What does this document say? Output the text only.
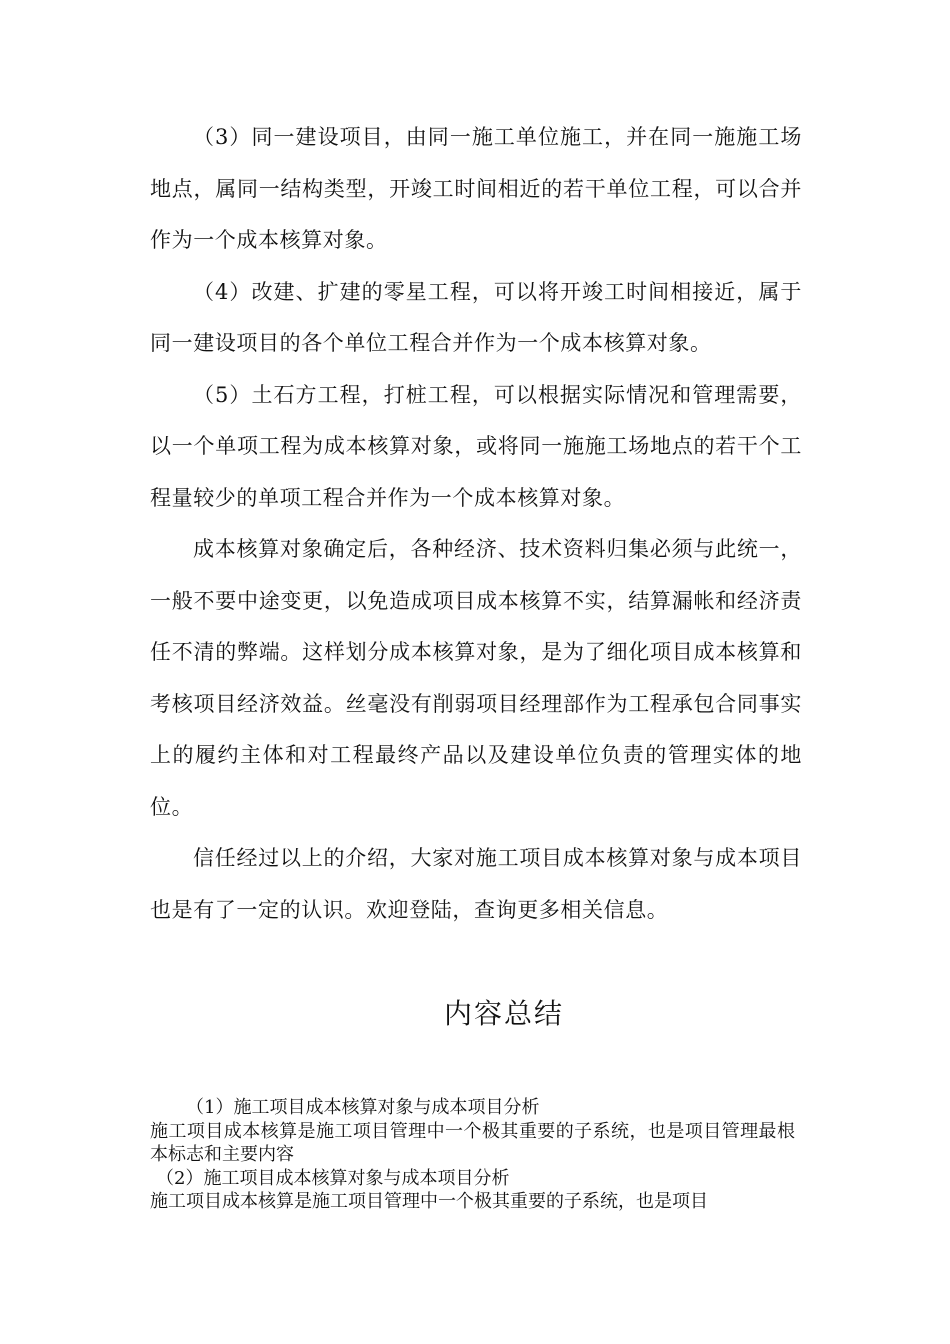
（3）同一建设项目，由同一施工单位施工，并在同一施施工场地点，属同一结构类型，开竣工时间相近的若干单位工程，可以合并作为一个成本核算对象。

（4）改建、扩建的零星工程，可以将开竣工时间相接近，属于同一建设项目的各个单位工程合并作为一个成本核算对象。

（5）土石方工程，打桩工程，可以根据实际情况和管理需要，以一个单项工程为成本核算对象，或将同一施施工场地点的若干个工程量较少的单项工程合并作为一个成本核算对象。

成本核算对象确定后，各种经济、技术资料归集必须与此统一，一般不要中途变更，以免造成项目成本核算不实，结算漏帐和经济责任不清的弊端。这样划分成本核算对象，是为了细化项目成本核算和考核项目经济效益。丝毫没有削弱项目经理部作为工程承包合同事实上的履约主体和对工程最终产品以及建设单位负责的管理实体的地位。

信任经过以上的介绍，大家对施工项目成本核算对象与成本项目也是有了一定的认识。欢迎登陆，查询更多相关信息。

内容总结

（1）施工项目成本核算对象与成本项目分析

施工项目成本核算是施工项目管理中一个极其重要的子系统，也是项目管理最根本标志和主要内容

（2）施工项目成本核算对象与成本项目分析

施工项目成本核算是施工项目管理中一个极其重要的子系统，也是项目
